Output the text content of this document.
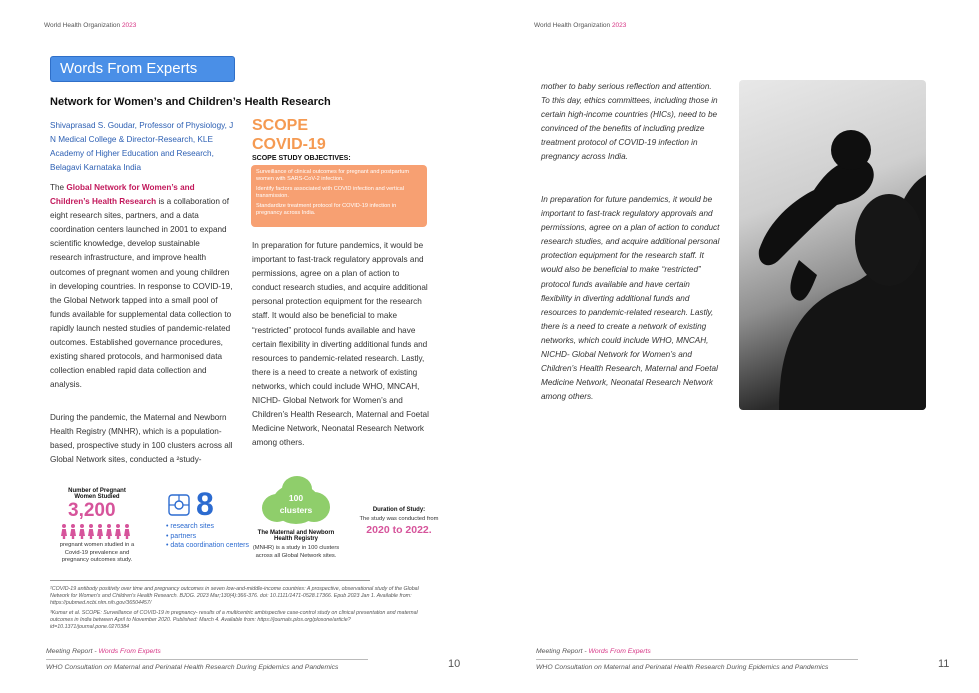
World Health Organization 2023
Words From Experts
Network for Women’s and Children’s Health Research
Shivaprasad S. Goudar, Professor of Physiology, J N Medical College & Director-Research, KLE Academy of Higher Education and Research, Belagavi Karnataka India
The Global Network for Women’s and Children’s Health Research is a collaboration of eight research sites, partners, and a data coordination centers launched in 2001 to expand scientific knowledge, develop sustainable research infrastructure, and improve health outcomes of pregnant women and young children in developing countries. In response to COVID-19, the Global Network tapped into a small pool of funds available for supplemental data collection to rapidly launch nested studies of pandemic-related outcomes. Established governance procedures, existing shared protocols, and harmonised data collection enabled rapid data collection and analysis.
During the pandemic, the Maternal and Newborn Health Registry (MNHR), which is a population-based, prospective study in 100 clusters across all Global Network sites, conducted a ²study-
SCOPE
COVID-19
SCOPE STUDY OBJECTIVES:

Surveillance of clinical outcomes for pregnant and postpartum women with SARS-CoV-2 infection.

Identify factors associated with COVID infection and vertical transmission.

Standardize treatment protocol for COVID-19 infection in pregnancy across India.

In preparation for future pandemics, it would be important to fast-track regulatory approvals and permissions, agree on a plan of action to conduct research studies, and acquire additional personal protection equipment for the research staff. It would also be beneficial to make “restricted” protocol funds available and have certain flexibility in diverting additional funds and resources to pandemic-related research. Lastly, there is a need to create a network of existing networks, which could include WHO, MNCAH, NICHD- Global Network for Women’s and Children’s Health Research, Maternal and Foetal Medicine Network, Neonatal Research Network among others.
Number of Pregnant Women Studied
3,200
pregnant women studied in a Covid-19 prevalence and pregnancy outcomes study.
8
• research sites
• partners
• data coordination centers
100
clusters
The Maternal and Newborn Health Registry
(MNHR) is a study in 100 clusters across all Global Network sites.
Duration of Study:
The study was conducted from
2020 to 2022.

²COVID-19 antibody positivity over time and pregnancy outcomes in seven low-and-middle-income countries: A prospective, observational study of the Global Network for Women's and Children's Health Research. BJOG. 2023 Mar;130(4):366-376. doi: 10.1111/1471-0528.17366. Epub 2023 Jan 1. Available from: https://pubmed.ncbi.nlm.nih.gov/36504457/

³Kumar et al. SCOPE: Surveillance of COVID-19 in pregnancy- results of a multicentric ambispective case-control study on clinical presentation and maternal outcomes in India between April to November 2020. Published: March 4. Available from: https://journals.plos.org/plosone/article?id=10.1371/journal.pone.0270384

Meeting Report - Words From Experts
WHO Consultation on Maternal and Perinatal Health Research During Epidemics and Pandemics	10
World Health Organization 2023
mother to baby serious reflection and attention. To this day, ethics committees, including those in certain high-income countries (HICs), need to be convinced of the benefits of including predize treatment protocol of COVID-19 infection in pregnancy across India.
In preparation for future pandemics, it would be important to fast-track regulatory approvals and permissions, agree on a plan of action to conduct research studies, and acquire additional personal protection equipment for the research staff. It would also be beneficial to make “restricted” protocol funds available and have certain flexibility in diverting additional funds and resources to pandemic-related research. Lastly, there is a need to create a network of existing networks, which could include WHO, MNCAH, NICHD- Global Network for Women’s and Children’s Health Research, Maternal and Foetal Medicine Network, Neonatal Research Network among others.
Meeting Report - Words From Experts
WHO Consultation on Maternal and Perinatal Health Research During Epidemics and Pandemics	11
